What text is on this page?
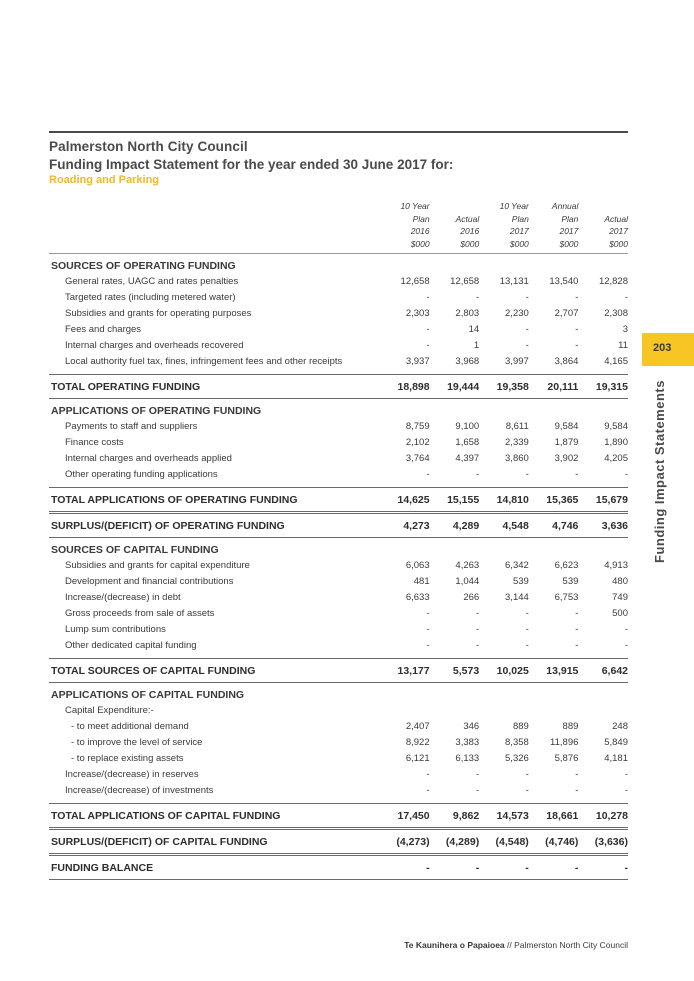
Palmerston North City Council
Funding Impact Statement for the year ended 30 June 2017 for:
Roading and Parking
	10 Year
Plan
2016
$000	Actual
2016
$000	10 Year
Plan
2017
$000	Annual
Plan
2017
$000	Actual
2017
$000
SOURCES OF OPERATING FUNDING					
General rates, UAGC and rates penalties	12,658	12,658	13,131	13,540	12,828
Targeted rates (including metered water)	-	-	-	-	-
Subsidies and grants for operating purposes	2,303	2,803	2,230	2,707	2,308
Fees and charges	-	14	-	-	3
Internal charges and overheads recovered	-	1	-	-	11
Local authority fuel tax, fines, infringement fees and other receipts	3,937	3,968	3,997	3,864	4,165

TOTAL OPERATING FUNDING	18,898	19,444	19,358	20,111	19,315
APPLICATIONS OF OPERATING FUNDING					
Payments to staff and suppliers	8,759	9,100	8,611	9,584	9,584
Finance costs	2,102	1,658	2,339	1,879	1,890
Internal charges and overheads applied	3,764	4,397	3,860	3,902	4,205
Other operating funding applications	-	-	-	-	-

TOTAL APPLICATIONS OF OPERATING FUNDING	14,625	15,155	14,810	15,365	15,679
SURPLUS/(DEFICIT) OF OPERATING FUNDING	4,273	4,289	4,548	4,746	3,636
SOURCES OF CAPITAL FUNDING					
Subsidies and grants for capital expenditure	6,063	4,263	6,342	6,623	4,913
Development and financial contributions	481	1,044	539	539	480
Increase/(decrease) in debt	6,633	266	3,144	6,753	749
Gross proceeds from sale of assets	-	-	-	-	500
Lump sum contributions	-	-	-	-	-
Other dedicated capital funding	-	-	-	-	-

TOTAL SOURCES OF CAPITAL FUNDING	13,177	5,573	10,025	13,915	6,642
APPLICATIONS OF CAPITAL FUNDING					
Capital Expenditure:-					
- to meet additional demand	2,407	346	889	889	248
- to improve the level of service	8,922	3,383	8,358	11,896	5,849
- to replace existing assets	6,121	6,133	5,326	5,876	4,181
Increase/(decrease) in reserves	-	-	-	-	-
Increase/(decrease) of investments	-	-	-	-	-

TOTAL APPLICATIONS OF CAPITAL FUNDING	17,450	9,862	14,573	18,661	10,278
SURPLUS/(DEFICIT) OF CAPITAL FUNDING	(4,273)	(4,289)	(4,548)	(4,746)	(3,636)
FUNDING BALANCE	-	-	-	-	-
203
Funding Impact Statements
Te Kaunihera o Papaioea // Palmerston North City Council
